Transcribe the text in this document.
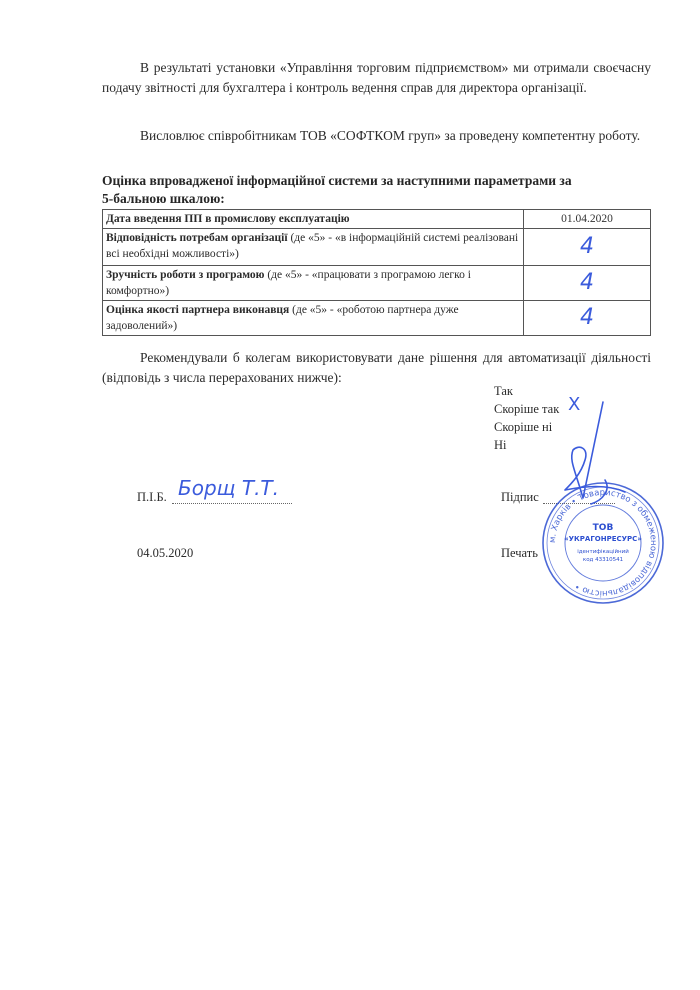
В результаті установки «Управління торговим підприємством» ми отримали своєчасну подачу звітності для бухгалтера і контроль ведення справ для директора організації.
Висловлює співробітникам ТОВ «СОФТКОМ груп» за проведену компетентну роботу.
Оцінка впровадженої інформаційної системи за наступними параметрами за
5-бальною шкалою:
Дата введення ПП в промислову експлуатацію	01.04.2020
Відповідність потребам організації (де «5» - «в інформаційній системі реалізовані всі необхідні можливості»)	4
Зручність роботи з програмою (де «5» - «працювати з програмою легко і комфортно»)	4
Оцінка якості партнера виконавця (де «5» - «роботою партнера дуже задоволений»)	4
Рекомендували б колегам використовувати дане рішення для автоматизації діяльності (відповідь з числа перерахованих нижче):
Так
Скоріше так
Скоріше ні
Ні
X
П.І.Б. Борщ Т.Т.	Підпис
04.05.2020	Печать
м. Харків • Товариство з обмеженою відповідальністю •
ТОВ
«УКРАГОНРЕСУРС»
ідентифікаційний
код 43310541
